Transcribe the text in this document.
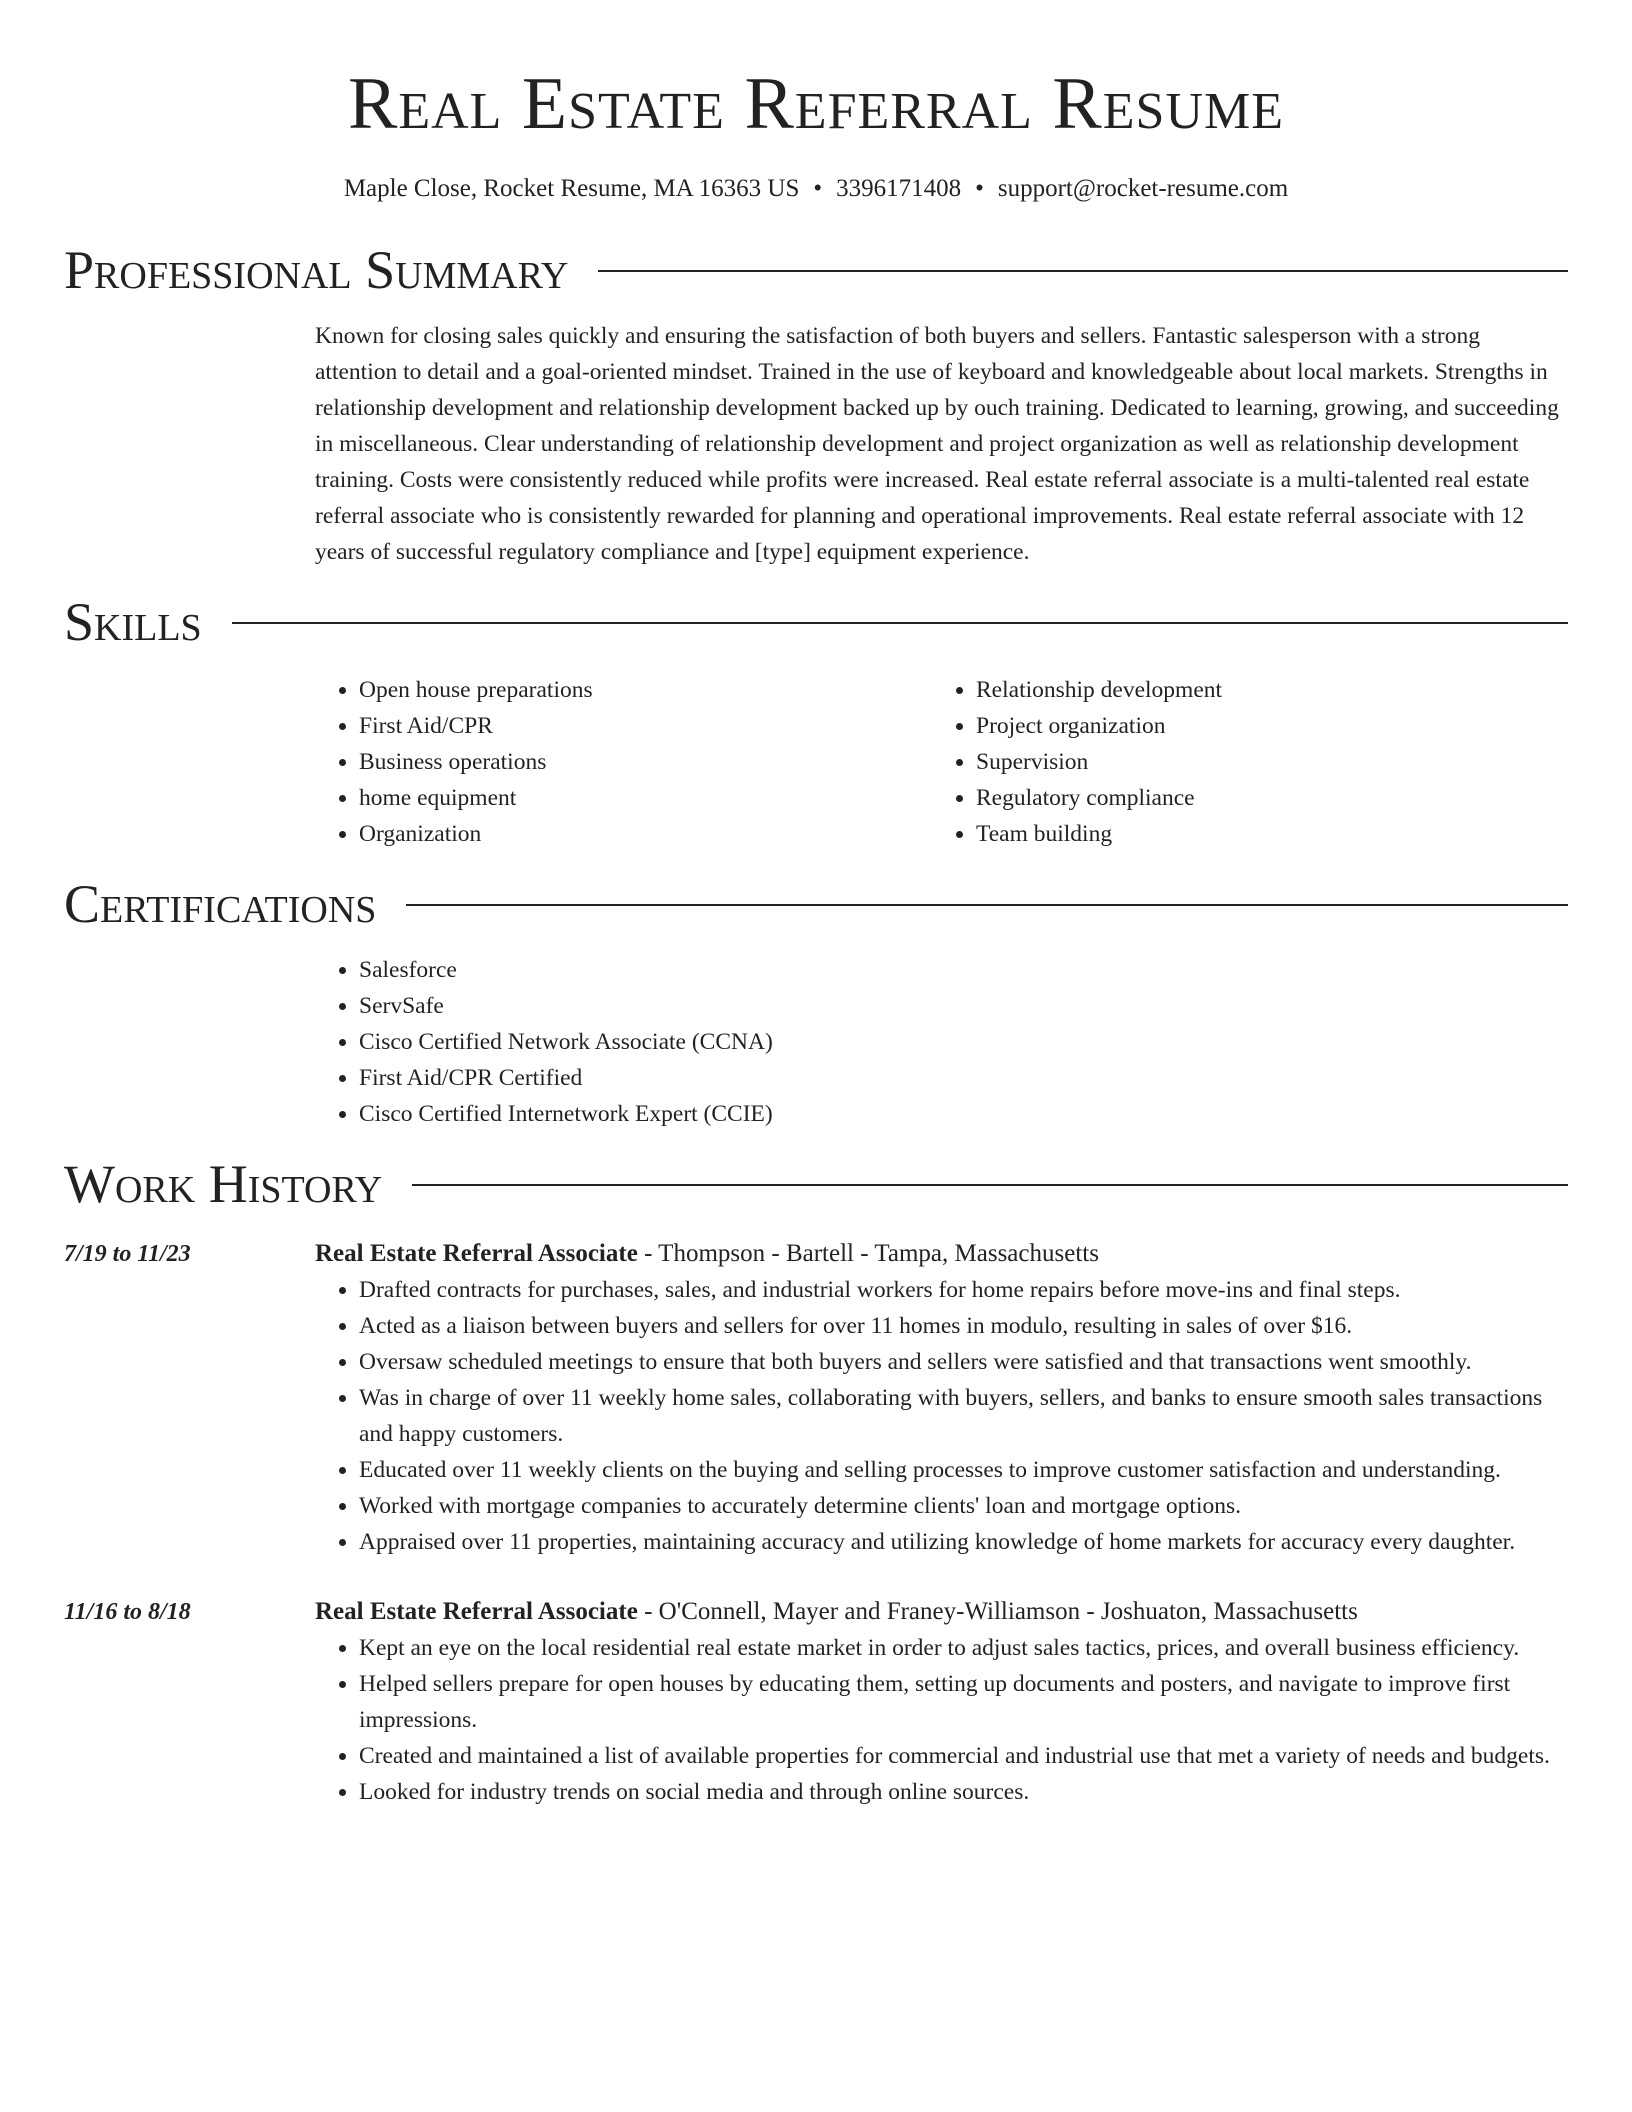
Real Estate Referral Resume
Maple Close, Rocket Resume, MA 16363 US • 3396171408 • support@rocket-resume.com
Professional Summary

Known for closing sales quickly and ensuring the satisfaction of both buyers and sellers. Fantastic salesperson with a strong attention to detail and a goal-oriented mindset. Trained in the use of keyboard and knowledgeable about local markets. Strengths in relationship development and relationship development backed up by ouch training. Dedicated to learning, growing, and succeeding in miscellaneous. Clear understanding of relationship development and project organization as well as relationship development training. Costs were consistently reduced while profits were increased. Real estate referral associate is a multi-talented real estate referral associate who is consistently rewarded for planning and operational improvements. Real estate referral associate with 12 years of successful regulatory compliance and [type] equipment experience.

Skills
• Open house preparations
• First Aid/CPR
• Business operations
• home equipment
• Organization
• Relationship development
• Project organization
• Supervision
• Regulatory compliance
• Team building
Certifications
• Salesforce
• ServSafe
• Cisco Certified Network Associate (CCNA)
• First Aid/CPR Certified
• Cisco Certified Internetwork Expert (CCIE)
Work History
7/19 to 11/23	Real Estate Referral Associate - Thompson - Bartell - Tampa, Massachusetts
• Drafted contracts for purchases, sales, and industrial workers for home repairs before move-ins and final steps.
• Acted as a liaison between buyers and sellers for over 11 homes in modulo, resulting in sales of over $16.
• Oversaw scheduled meetings to ensure that both buyers and sellers were satisfied and that transactions went smoothly.
• Was in charge of over 11 weekly home sales, collaborating with buyers, sellers, and banks to ensure smooth sales transactions and happy customers.
• Educated over 11 weekly clients on the buying and selling processes to improve customer satisfaction and understanding.
• Worked with mortgage companies to accurately determine clients' loan and mortgage options.
• Appraised over 11 properties, maintaining accuracy and utilizing knowledge of home markets for accuracy every daughter.
11/16 to 8/18	Real Estate Referral Associate - O'Connell, Mayer and Franey-Williamson - Joshuaton, Massachusetts
• Kept an eye on the local residential real estate market in order to adjust sales tactics, prices, and overall business efficiency.
• Helped sellers prepare for open houses by educating them, setting up documents and posters, and navigate to improve first impressions.
• Created and maintained a list of available properties for commercial and industrial use that met a variety of needs and budgets.
• Looked for industry trends on social media and through online sources.
